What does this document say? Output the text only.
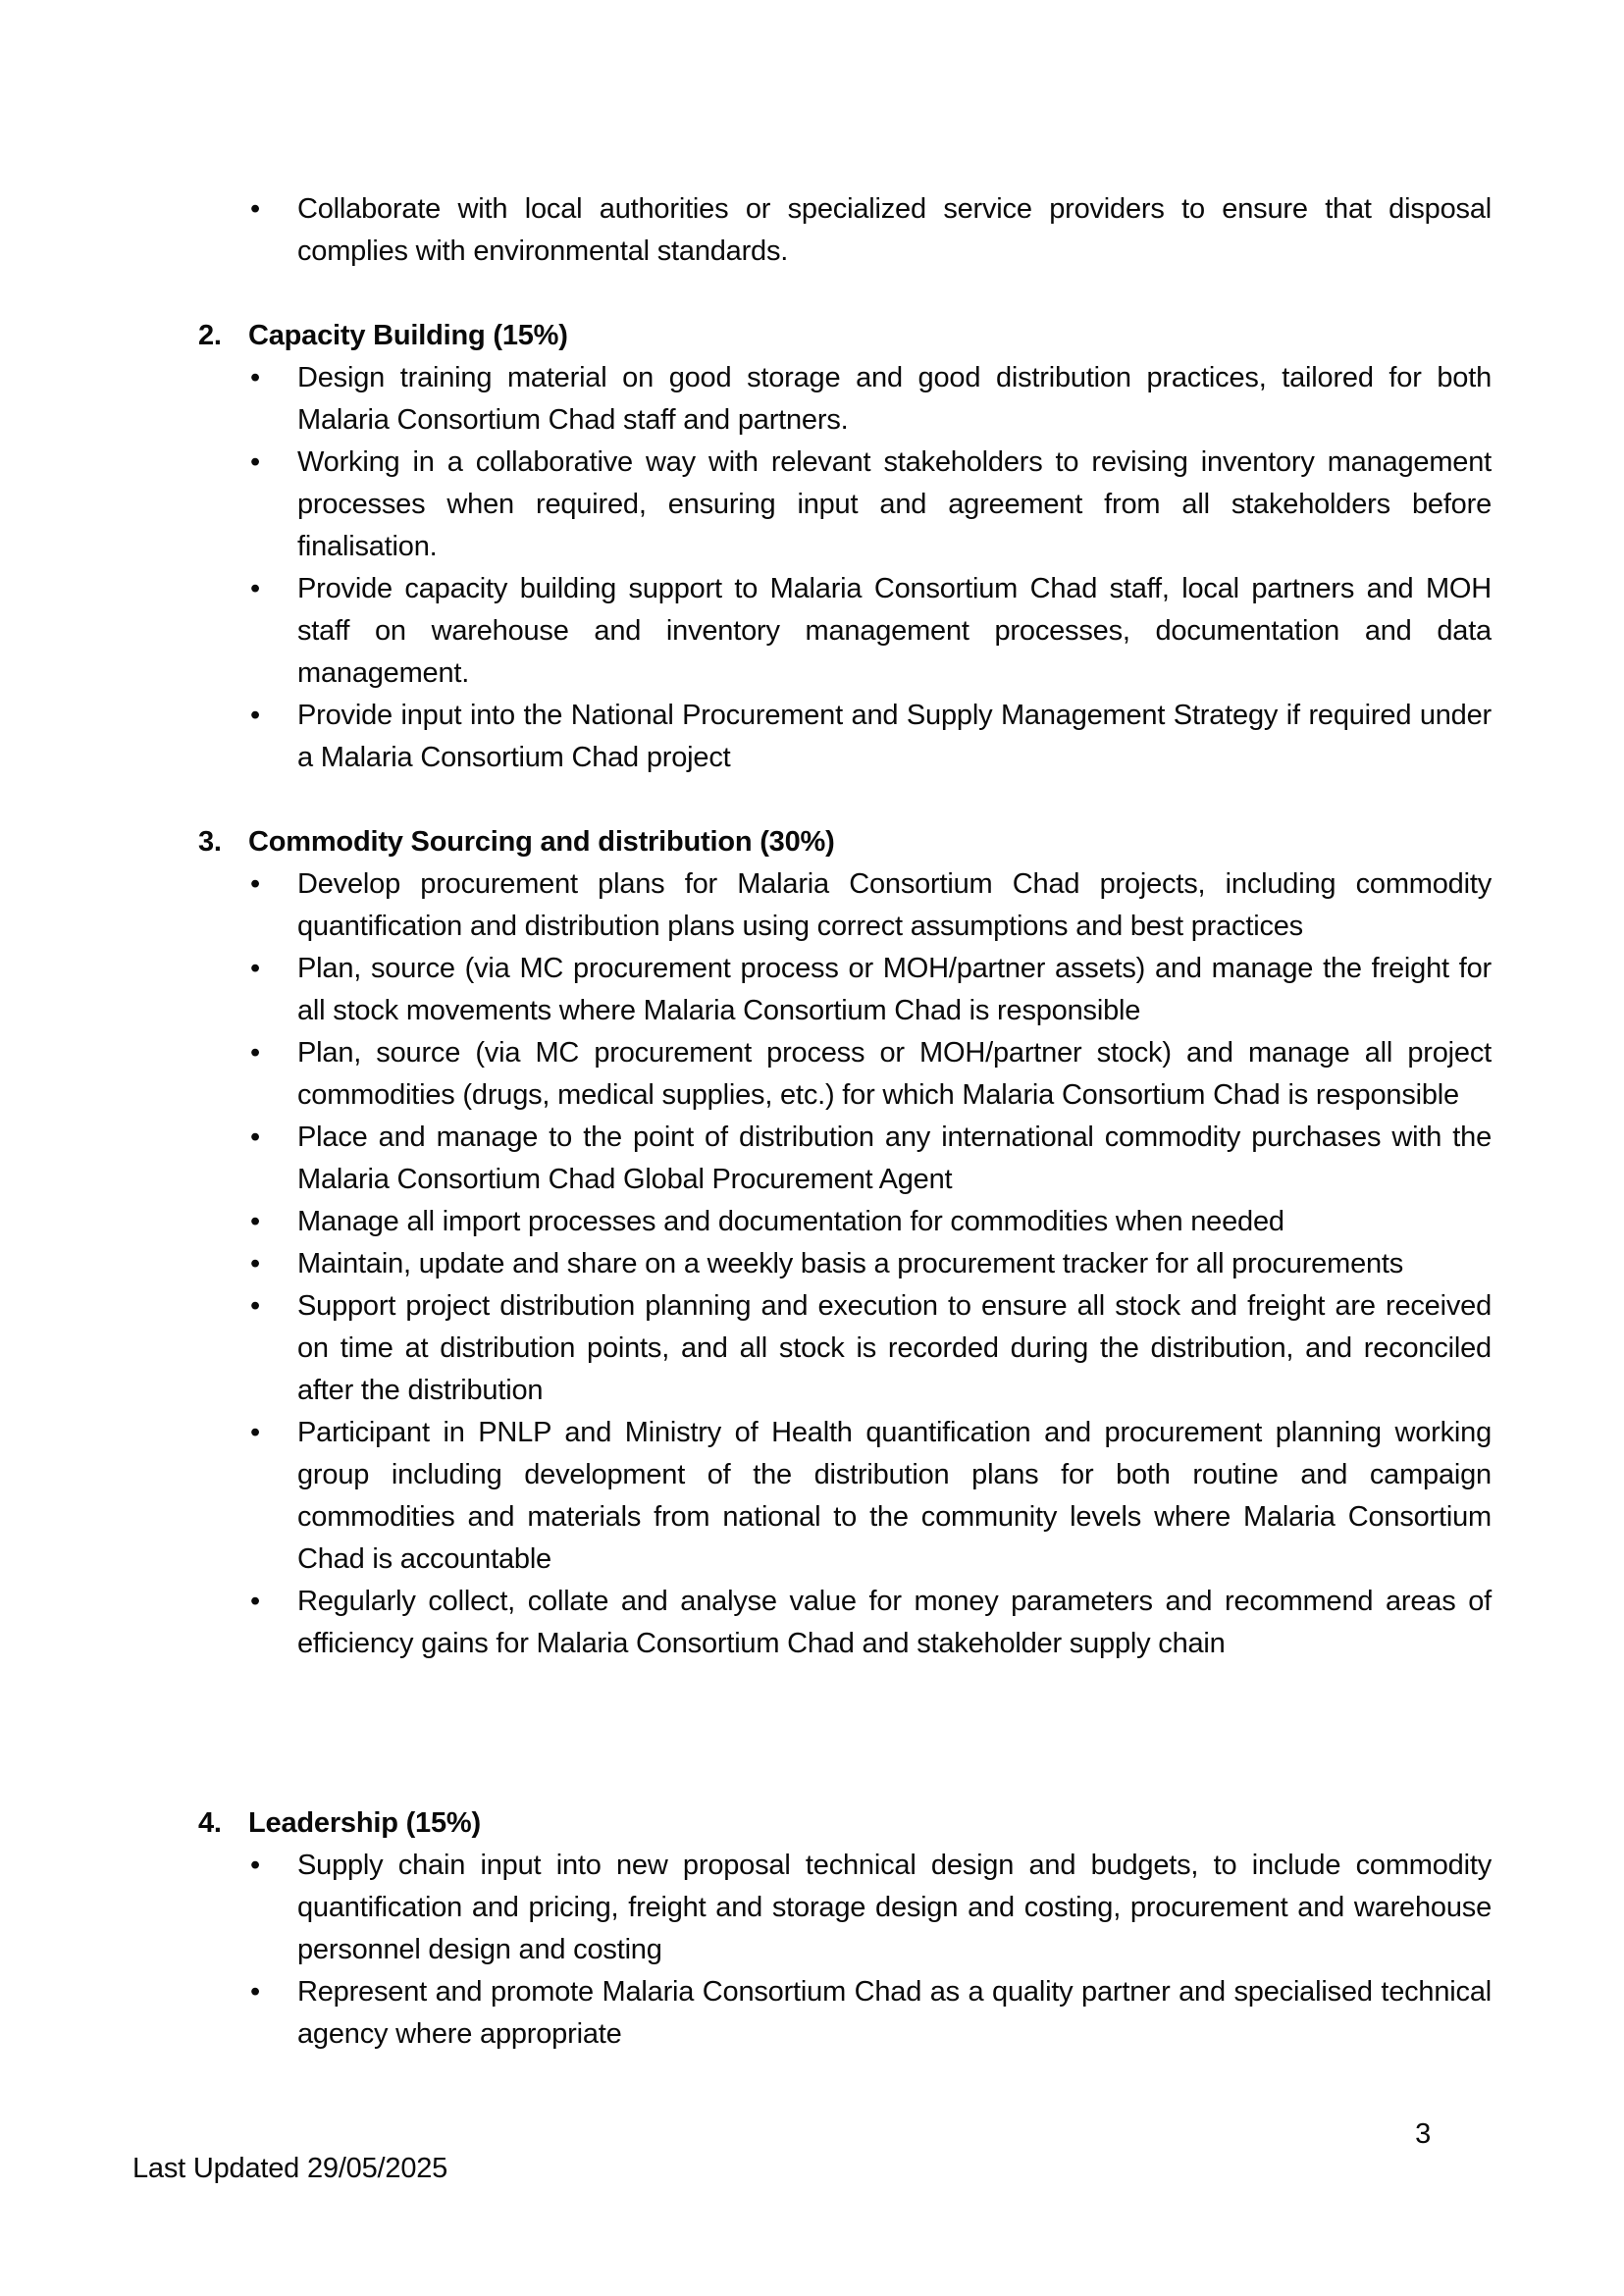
•	Collaborate with local authorities or specialized service providers to ensure that disposal complies with environmental standards.
2. Capacity Building (15%)
•	Design training material on good storage and good distribution practices, tailored for both Malaria Consortium Chad staff and partners.
•	Working in a collaborative way with relevant stakeholders to revising inventory management processes when required, ensuring input and agreement from all stakeholders before finalisation.
•	Provide capacity building support to Malaria Consortium Chad staff, local partners and MOH staff on warehouse and inventory management processes, documentation and data management.
•	Provide input into the National Procurement and Supply Management Strategy if required under a Malaria Consortium Chad project
3. Commodity Sourcing and distribution (30%)
•	Develop procurement plans for Malaria Consortium Chad projects, including commodity quantification and distribution plans using correct assumptions and best practices
•	Plan, source (via MC procurement process or MOH/partner assets) and manage the freight for all stock movements where Malaria Consortium Chad is responsible
•	Plan, source (via MC procurement process or MOH/partner stock) and manage all project commodities (drugs, medical supplies, etc.) for which Malaria Consortium Chad is responsible
•	Place and manage to the point of distribution any international commodity purchases with the Malaria Consortium Chad Global Procurement Agent
•	Manage all import processes and documentation for commodities when needed
•	Maintain, update and share on a weekly basis a procurement tracker for all procurements
•	Support project distribution planning and execution to ensure all stock and freight are received on time at distribution points, and all stock is recorded during the distribution, and reconciled after the distribution
•	Participant in PNLP and Ministry of Health quantification and procurement planning working group including development of the distribution plans for both routine and campaign commodities and materials from national to the community levels where Malaria Consortium Chad is accountable
•	Regularly collect, collate and analyse value for money parameters and recommend areas of efficiency gains for Malaria Consortium Chad and stakeholder supply chain
4. Leadership (15%)
•	Supply chain input into new proposal technical design and budgets, to include commodity quantification and pricing, freight and storage design and costing, procurement and warehouse personnel design and costing
•	Represent and promote Malaria Consortium Chad as a quality partner and specialised technical agency where appropriate
3
Last Updated 29/05/2025
